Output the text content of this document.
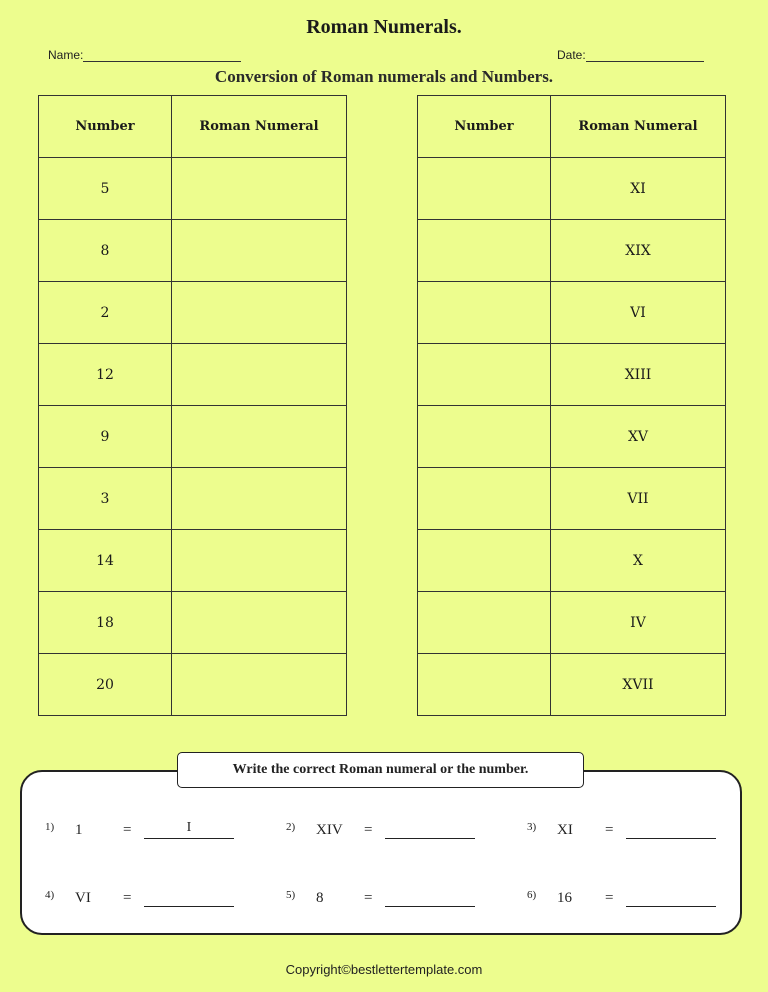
Roman Numerals.
Name:	Date:
Conversion of Roman numerals and Numbers.
Number	Roman Numeral
5	
8	
2	
12	
9	
3	
14	
18	
20	
Number	Roman Numeral
	XI
	XIX
	VI
	XIII
	XV
	VII
	X
	IV
	XVII
Write the correct Roman numeral or the number.
1)	1	=	I	2)	XIV	=	3)	XI	=
4)	VI	=	5)	8	=	6)	16	=
Copyright©bestlettertemplate.com
